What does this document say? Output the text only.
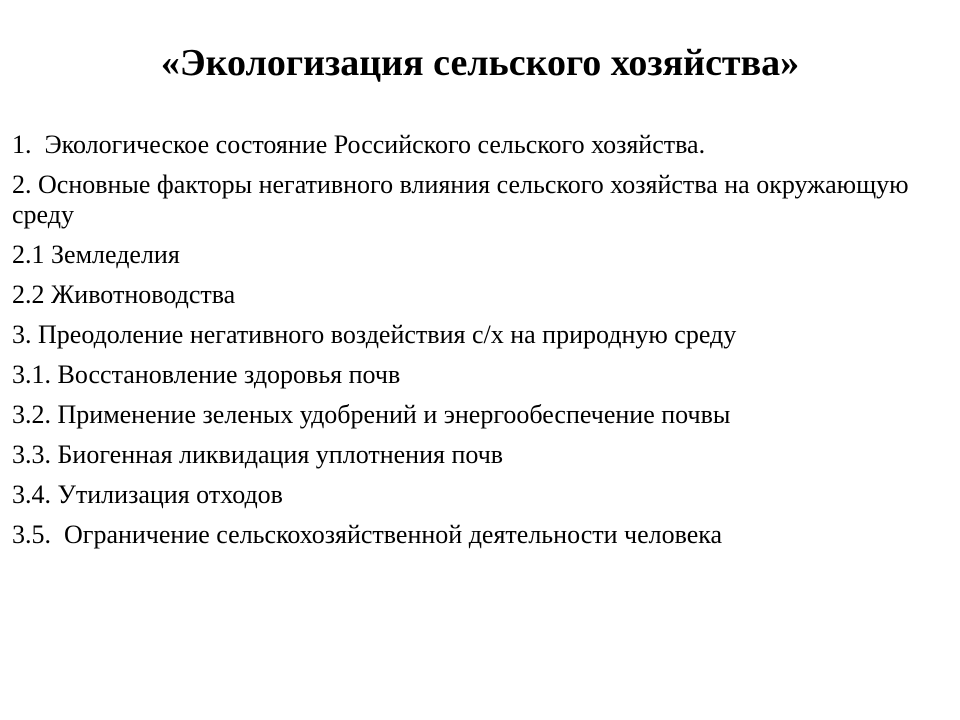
«Экологизация сельского хозяйства»
1.  Экологическое состояние Российского сельского хозяйства.
2. Основные факторы негативного влияния сельского хозяйства на окружающую среду
2.1 Земледелия
2.2 Животноводства
3. Преодоление негативного воздействия с/х на природную среду
3.1. Восстановление здоровья почв
3.2. Применение зеленых удобрений и энергообеспечение почвы
3.3. Биогенная ликвидация уплотнения почв
3.4. Утилизация отходов
3.5.  Ограничение сельскохозяйственной деятельности человека
